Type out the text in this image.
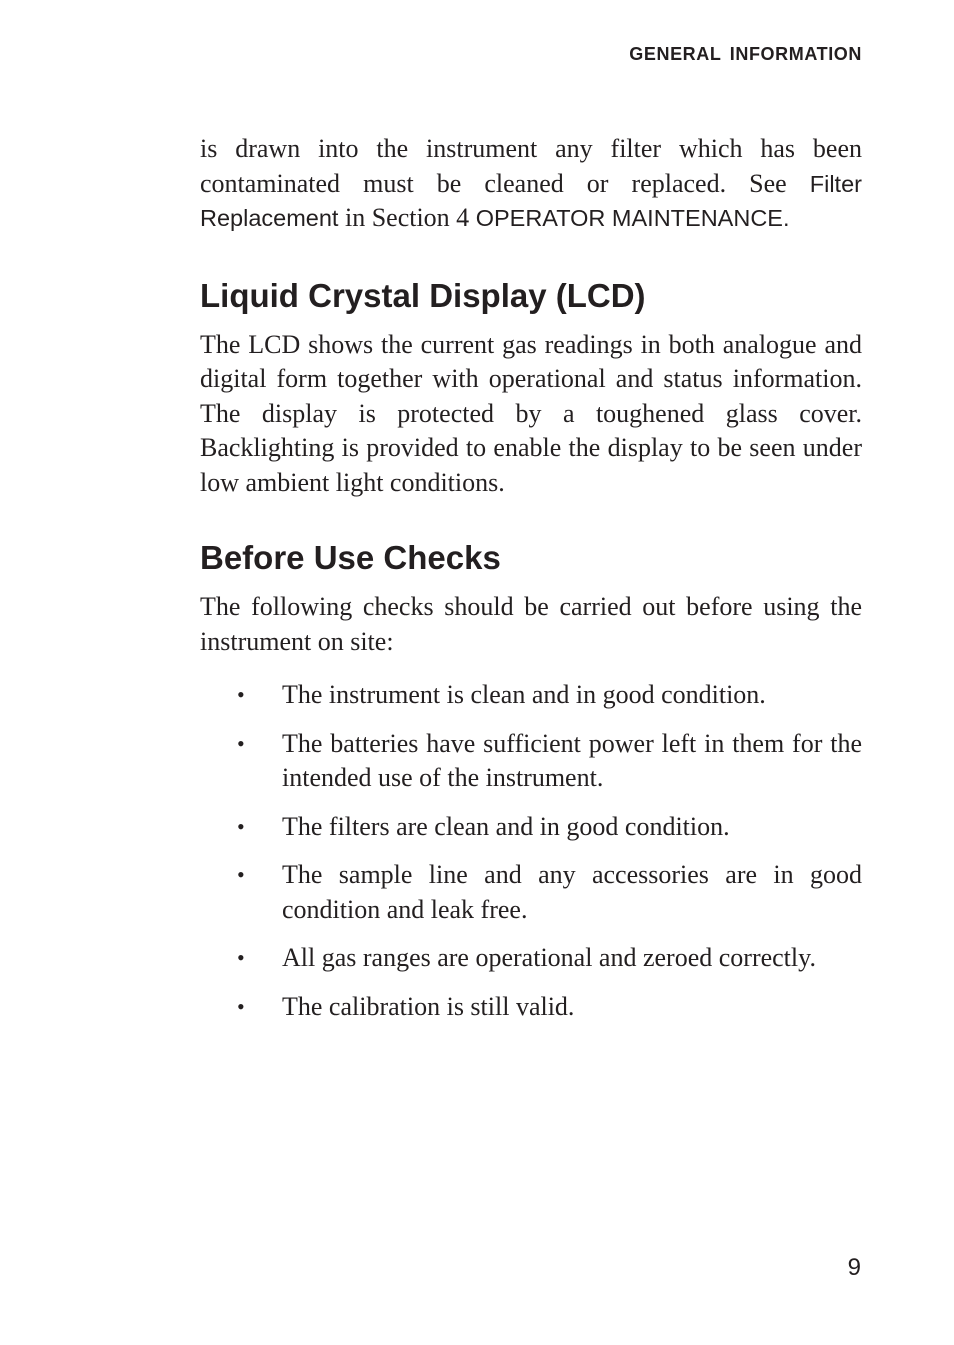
GENERAL INFORMATION

is drawn into the instrument any filter which has been contaminated must be cleaned or replaced. See Filter Replacement in Section 4 OPERATOR MAINTENANCE.

Liquid Crystal Display (LCD)

The LCD shows the current gas readings in both analogue and digital form together with operational and status information. The display is protected by a toughened glass cover. Backlighting is provided to enable the display to be seen under low ambient light conditions.

Before Use Checks

The following checks should be carried out before using the instrument on site:

• The instrument is clean and in good condition.
• The batteries have sufficient power left in them for the intended use of the instrument.
• The filters are clean and in good condition.
• The sample line and any accessories are in good condition and leak free.
• All gas ranges are operational and zeroed correctly.
• The calibration is still valid.

9
